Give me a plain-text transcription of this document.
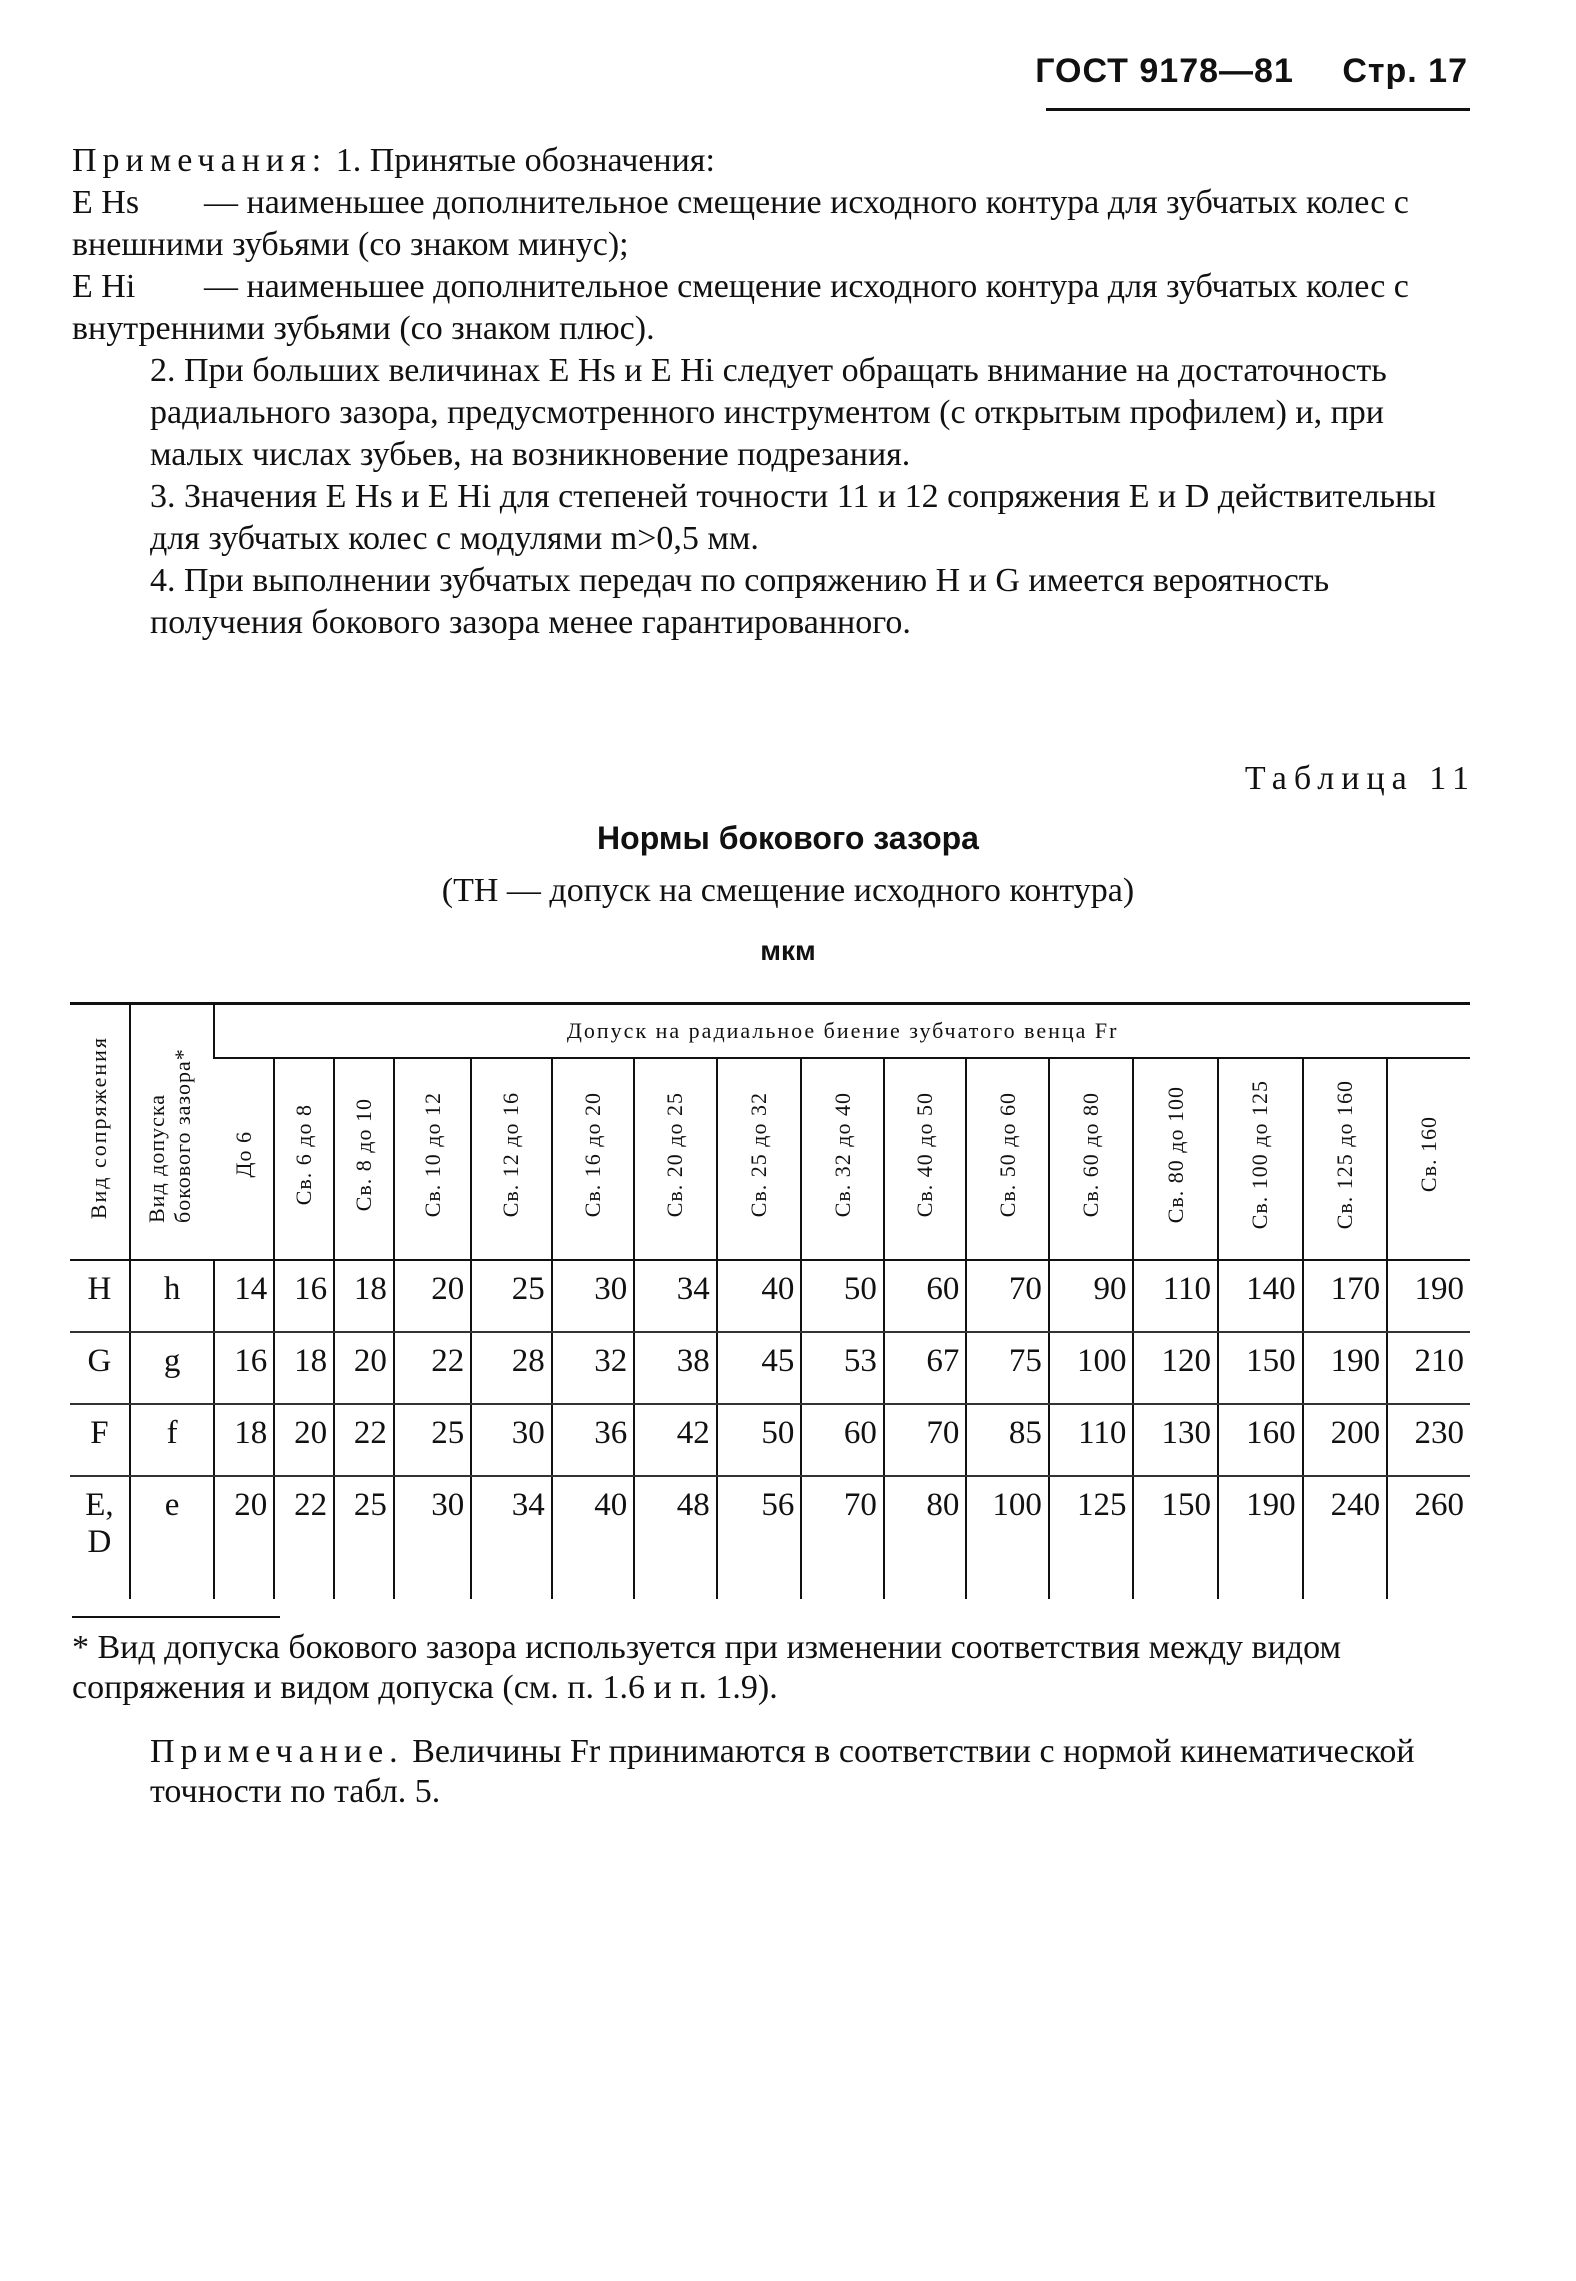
ГОСТ 9178—81 Стр. 17

Примечания: 1. Принятые обозначения:

E Hs — наименьшее дополнительное смещение исходного контура для зубчатых колес с внешними зубьями (со знаком минус);

E Hi — наименьшее дополнительное смещение исходного контура для зубчатых колес с внутренними зубьями (со знаком плюс).

2. При больших величинах E Hs и E Hi следует обращать внимание на достаточность радиального зазора, предусмотренного инструментом (с открытым профилем) и, при малых числах зубьев, на возникновение подрезания.

3. Значения E Hs и E Hi для степеней точности 11 и 12 сопряжения E и D действительны для зубчатых колес с модулями m>0,5 мм.

4. При выполнении зубчатых передач по сопряжению H и G имеется вероятность получения бокового зазора менее гарантированного.

Таблица 11
Нормы бокового зазора
(TH — допуск на смещение исходного контура)
мкм
Вид сопряжения	Вид допуска бокового зазора*	Допуск на радиальное биение зубчатого венца Fr															
		До 6	Св. 6 до 8	Св. 8 до 10	Св. 10 до 12	Св. 12 до 16	Св. 16 до 20	Св. 20 до 25	Св. 25 до 32	Св. 32 до 40	Св. 40 до 50	Св. 50 до 60	Св. 60 до 80	Св. 80 до 100	Св. 100 до 125	Св. 125 до 160	Св. 160
H	h	14	16	18	20	25	30	34	40	50	60	70	90	110	140	170	190
G	g	16	18	20	22	28	32	38	45	53	67	75	100	120	150	190	210
F	f	18	20	22	25	30	36	42	50	60	70	85	110	130	160	200	230
E, D	e	20	22	25	30	34	40	48	56	70	80	100	125	150	190	240	260

* Вид допуска бокового зазора используется при изменении соответствия между видом сопряжения и видом допуска (см. п. 1.6 и п. 1.9).

Примечание. Величины Fr принимаются в соответствии с нормой кинематической точности по табл. 5.
